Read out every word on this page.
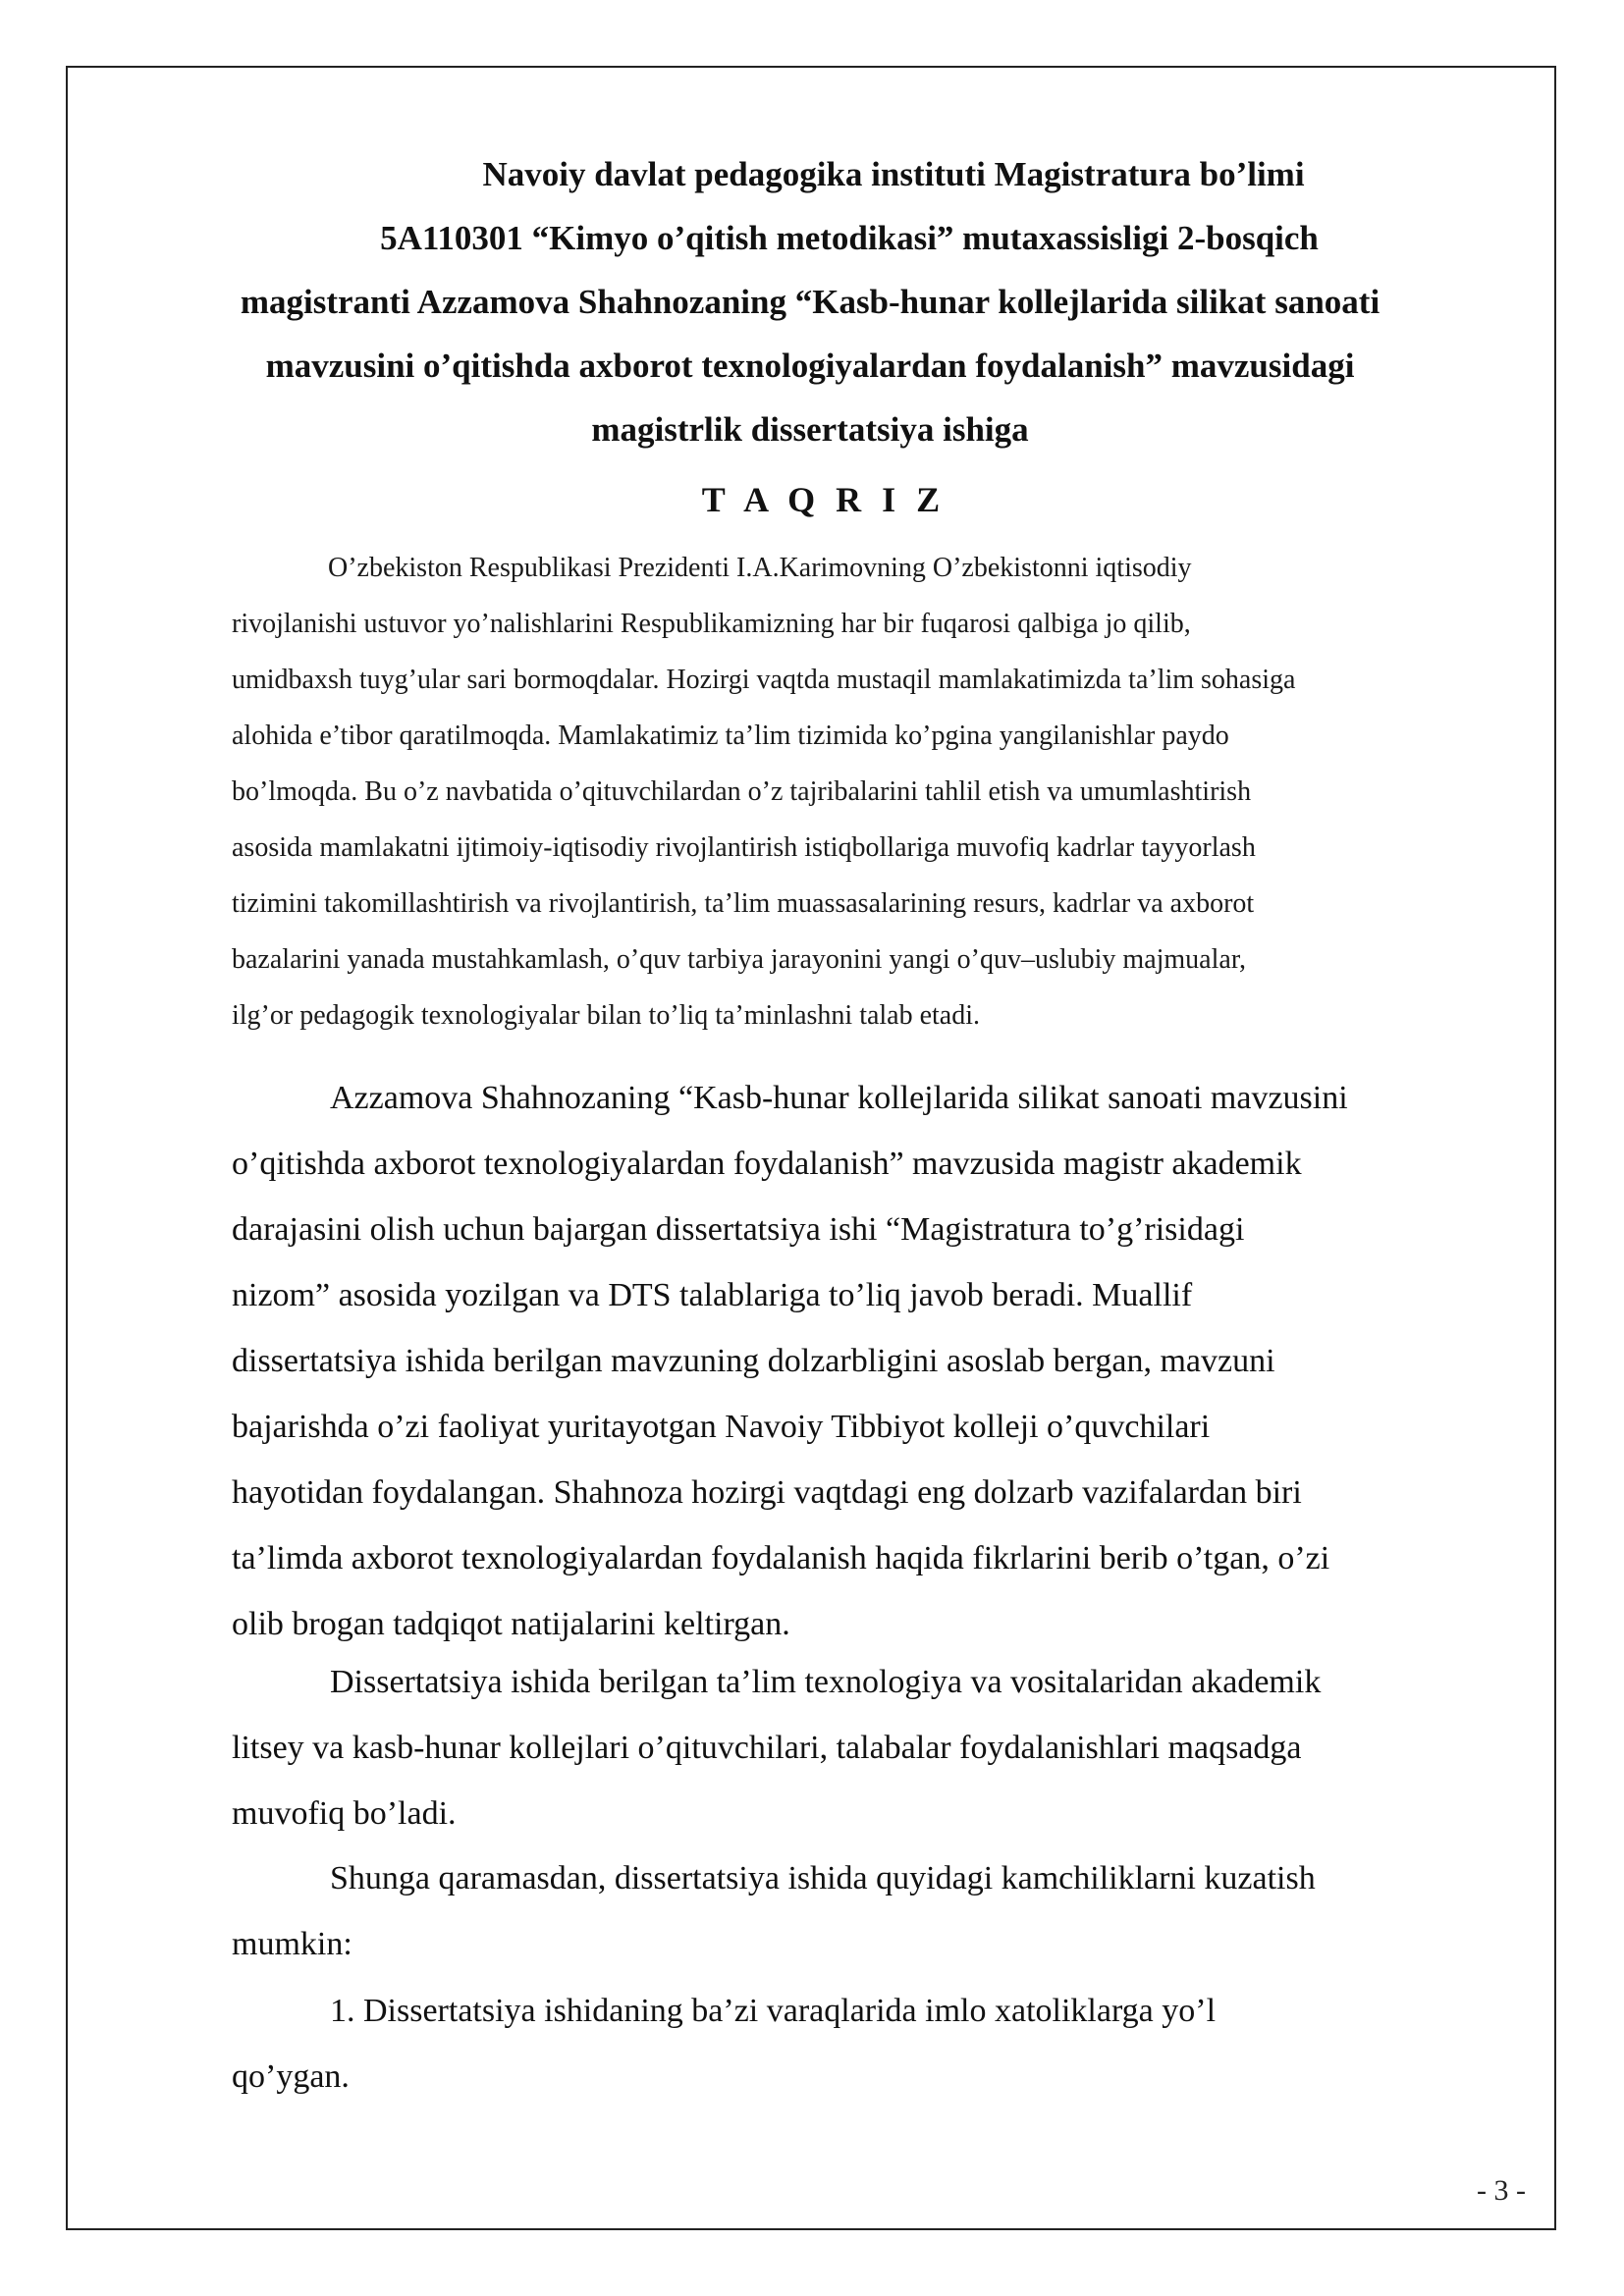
Navoiy davlat pedagogika instituti Magistratura bo’limi
5A110301 “Kimyo o’qitish metodikasi” mutaxassisligi 2-bosqich
magistranti Azzamova Shahnozaning “Kasb-hunar kollejlarida silikat sanoati
mavzusini o’qitishda axborot texnologiyalardan foydalanish” mavzusidagi
magistrlik dissertatsiya ishiga
T A Q R I Z
O’zbekiston Respublikasi Prezidenti I.A.Karimovning O’zbekistonni iqtisodiy
rivojlanishi ustuvor yo’nalishlarini Respublikamizning har bir fuqarosi qalbiga jo qilib,
umidbaxsh tuyg’ular sari bormoqdalar. Hozirgi vaqtda mustaqil mamlakatimizda ta’lim sohasiga
alohida e’tibor qaratilmoqda. Mamlakatimiz ta’lim tizimida ko’pgina yangilanishlar paydo
bo’lmoqda. Bu o’z navbatida o’qituvchilardan o’z tajribalarini tahlil etish va umumlashtirish
asosida mamlakatni ijtimoiy-iqtisodiy rivojlantirish istiqbollariga muvofiq kadrlar tayyorlash
tizimini takomillashtirish va rivojlantirish, ta’lim muassasalarining resurs, kadrlar va axborot
bazalarini yanada mustahkamlash, o’quv tarbiya jarayonini yangi o’quv–uslubiy majmualar,
ilg’or pedagogik texnologiyalar bilan to’liq ta’minlashni talab etadi.
Azzamova Shahnozaning “Kasb-hunar kollejlarida silikat sanoati mavzusini
o’qitishda axborot texnologiyalardan foydalanish” mavzusida magistr akademik
darajasini olish uchun bajargan dissertatsiya ishi “Magistratura to’g’risidagi
nizom” asosida yozilgan va DTS talablariga to’liq javob beradi. Muallif
dissertatsiya ishida berilgan mavzuning dolzarbligini asoslab bergan, mavzuni
bajarishda o’zi faoliyat yuritayotgan Navoiy Tibbiyot kolleji o’quvchilari
hayotidan foydalangan. Shahnoza hozirgi vaqtdagi eng dolzarb vazifalardan biri
ta’limda axborot texnologiyalardan foydalanish haqida fikrlarini berib o’tgan, o’zi
olib brogan tadqiqot natijalarini keltirgan.
Dissertatsiya ishida berilgan ta’lim texnologiya va vositalaridan akademik
litsey va kasb-hunar kollejlari o’qituvchilari, talabalar foydalanishlari maqsadga
muvofiq bo’ladi.
Shunga qaramasdan, dissertatsiya ishida quyidagi kamchiliklarni kuzatish
mumkin:
1. Dissertatsiya ishidaning ba’zi varaqlarida imlo xatoliklarga yo’l
qo’ygan.
- 3 -
